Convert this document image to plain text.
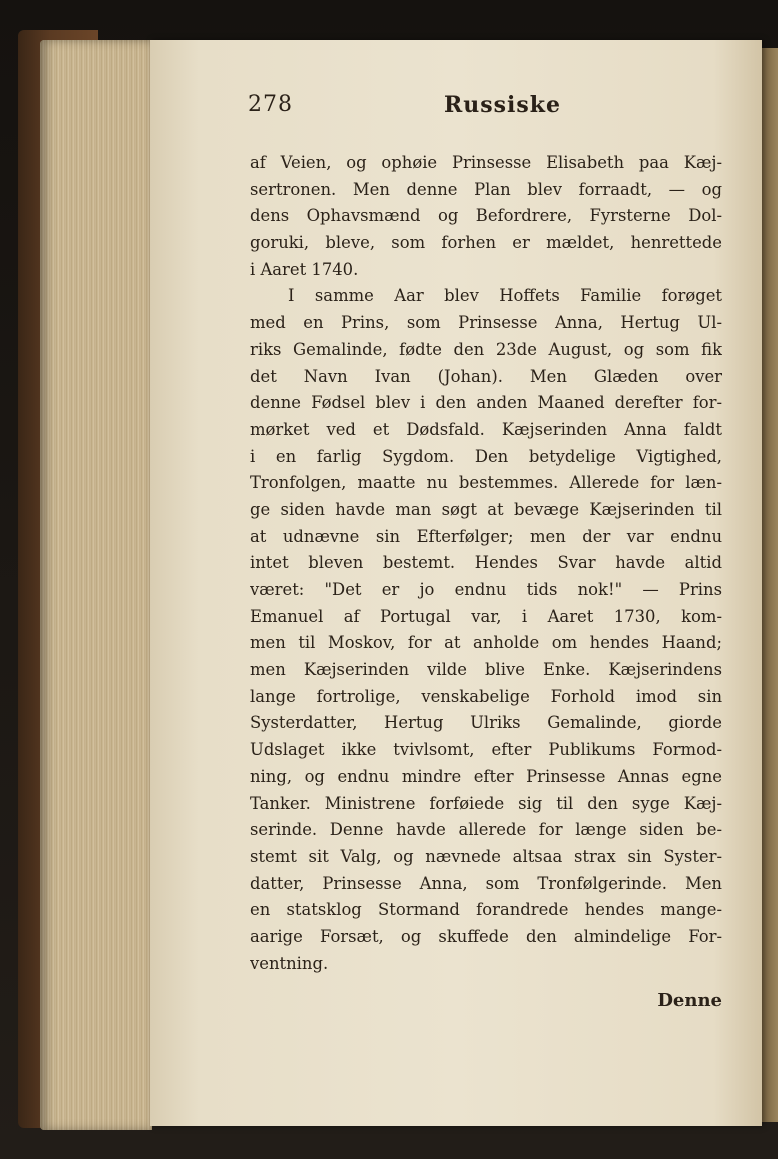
278	Russiske
af Veien, og ophøie Prinsesse Elisabeth paa Kæj-
sertronen. Men denne Plan blev forraadt, — og
dens Ophavsmænd og Befordrere, Fyrsterne Dol-
goruki, bleve, som forhen er mældet, henrettede
i Aaret 1740.
I samme Aar blev Hoffets Familie forøget
med en Prins, som Prinsesse Anna, Hertug Ul-
riks Gemalinde, fødte den 23de August, og som fik
det Navn Ivan (Johan). Men Glæden over
denne Fødsel blev i den anden Maaned derefter for-
mørket ved et Dødsfald. Kæjserinden Anna faldt
i en farlig Sygdom. Den betydelige Vigtighed,
Tronfolgen, maatte nu bestemmes. Allerede for læn-
ge siden havde man søgt at bevæge Kæjserinden til
at udnævne sin Efterfølger; men der var endnu
intet bleven bestemt. Hendes Svar havde altid
været: "Det er jo endnu tids nok!" — Prins
Emanuel af Portugal var, i Aaret 1730, kom-
men til Moskov, for at anholde om hendes Haand;
men Kæjserinden vilde blive Enke. Kæjserindens
lange fortrolige, venskabelige Forhold imod sin
Systerdatter, Hertug Ulriks Gemalinde, giorde
Udslaget ikke tvivlsomt, efter Publikums Formod-
ning, og endnu mindre efter Prinsesse Annas egne
Tanker. Ministrene forføiede sig til den syge Kæj-
serinde. Denne havde allerede for længe siden be-
stemt sit Valg, og nævnede altsaa strax sin Syster-
datter, Prinsesse Anna, som Tronfølgerinde. Men
en statsklog Stormand forandrede hendes mange-
aarige Forsæt, og skuffede den almindelige For-
ventning.
Denne
